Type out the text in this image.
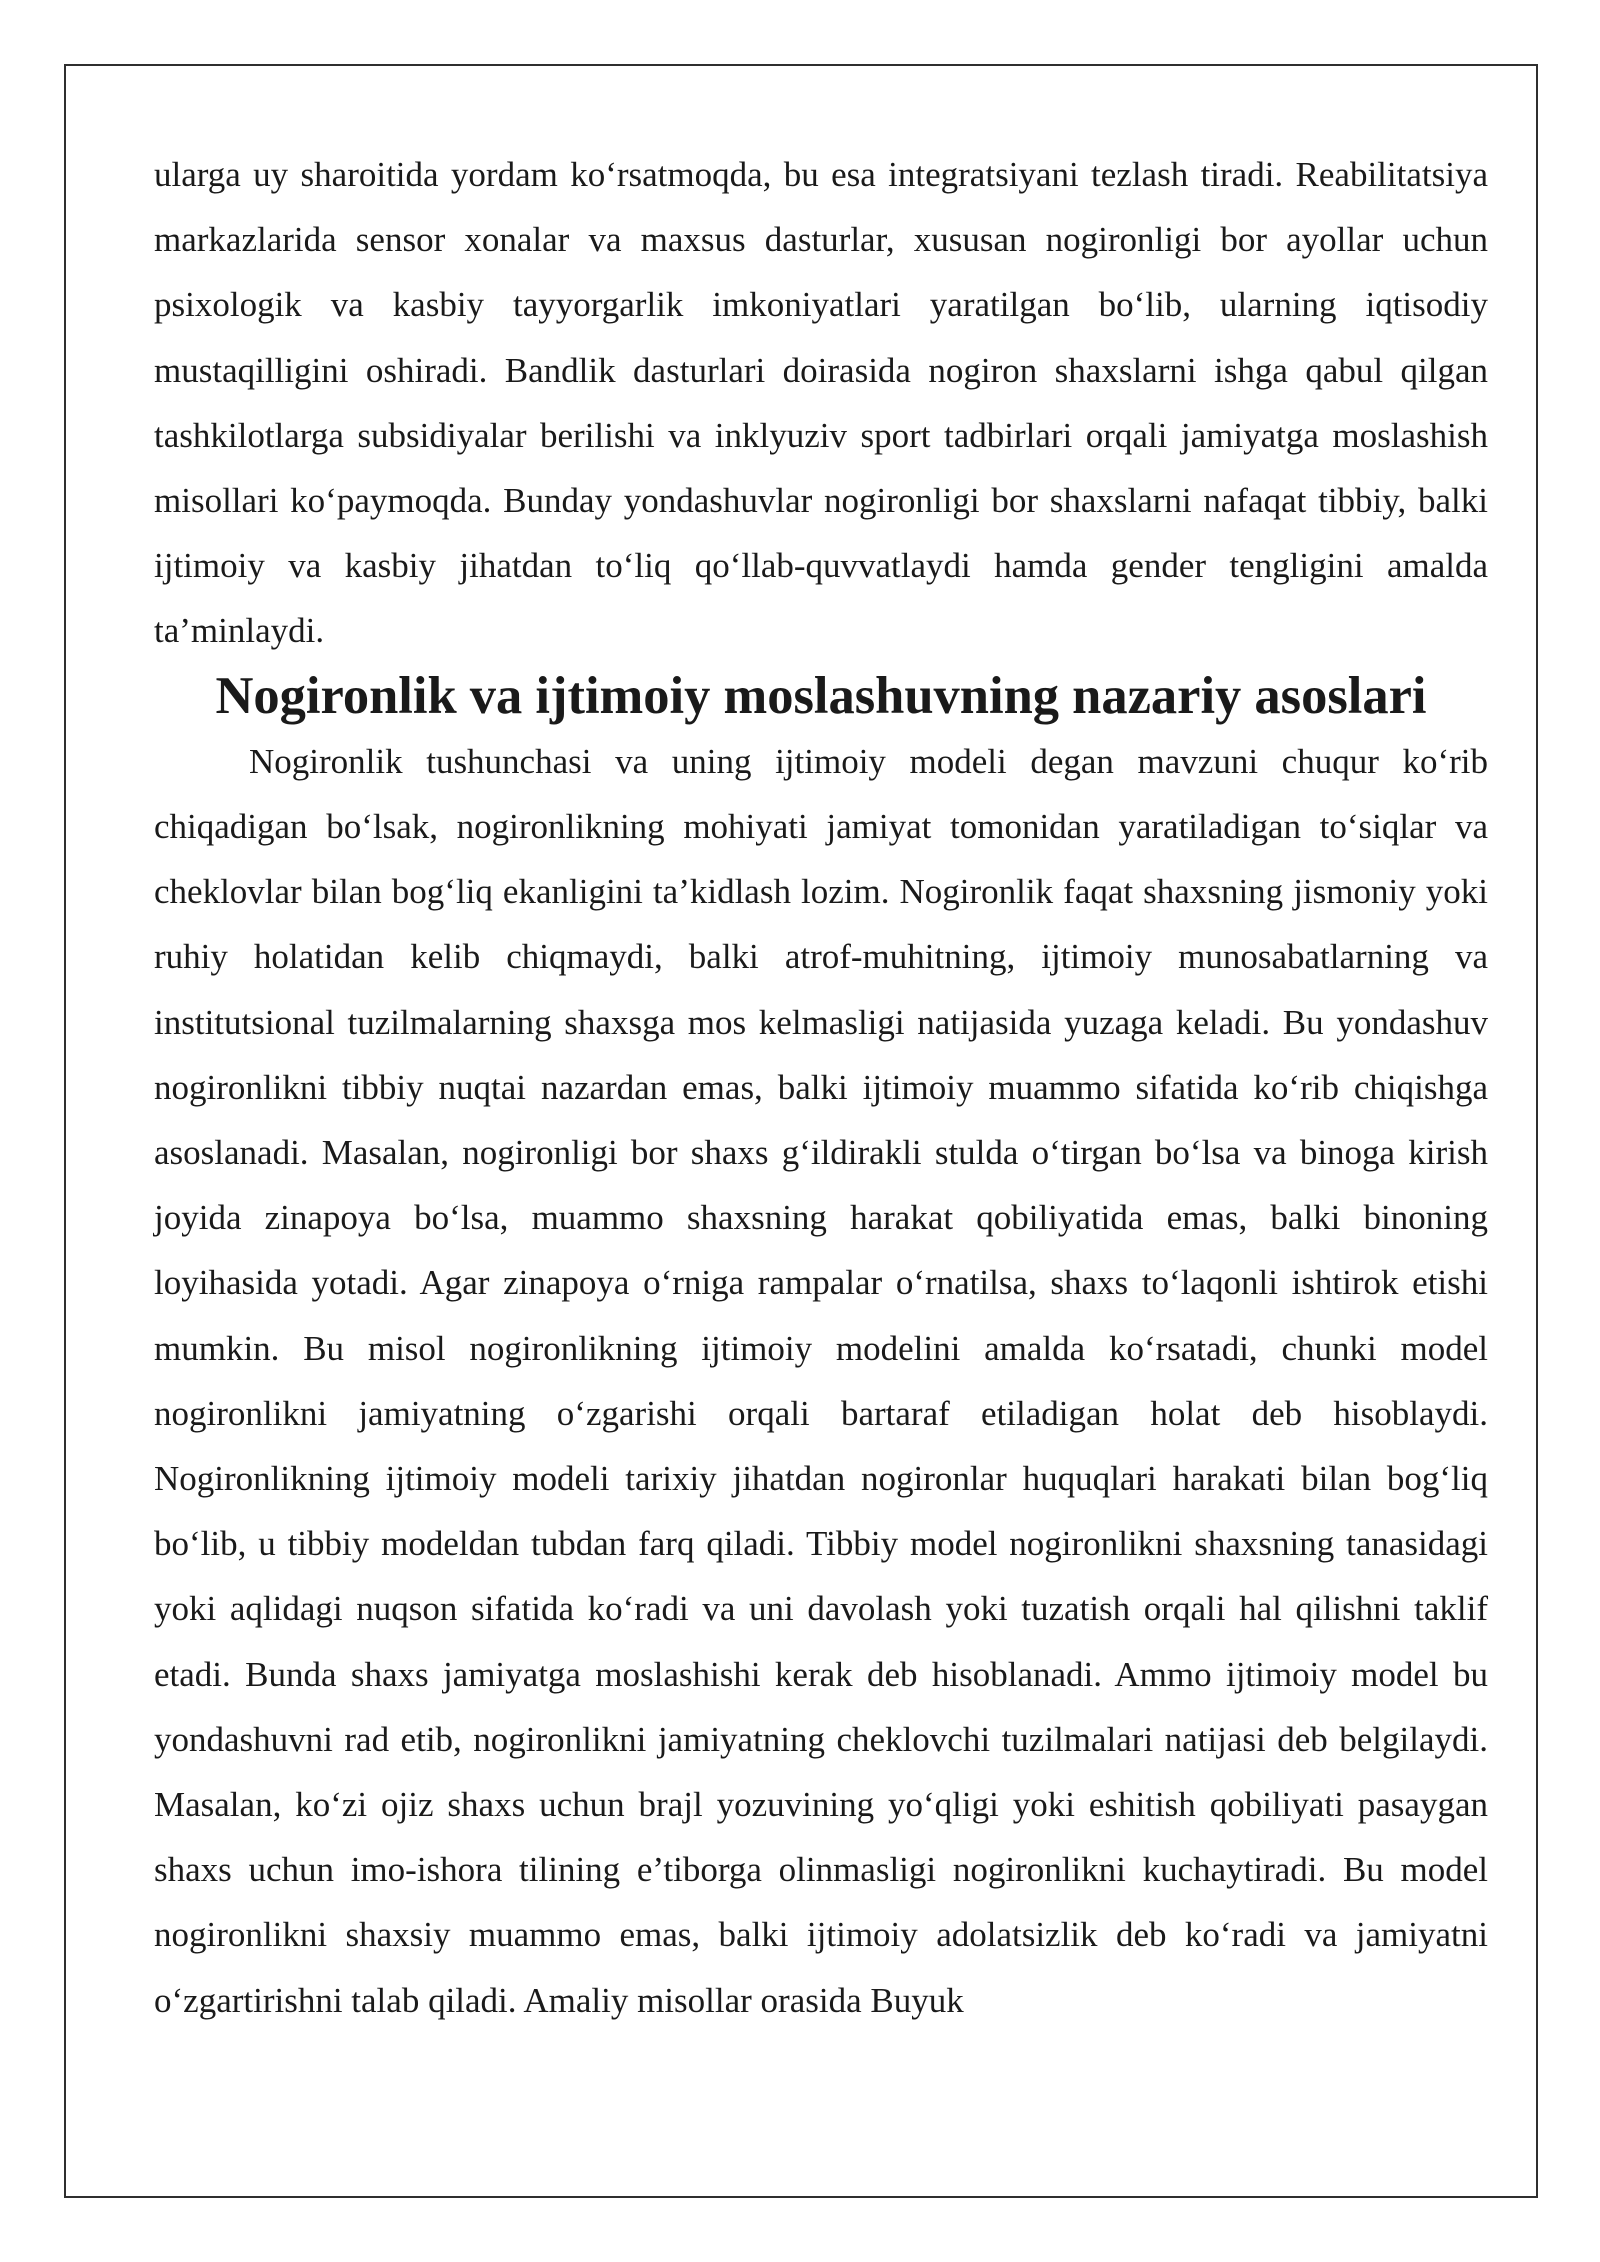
ularga uy sharoitida yordam koʻrsatmoqda, bu esa integratsiyani tezlash tiradi. Reabilitatsiya markazlarida sensor xonalar va maxsus dasturlar, xususan nogironligi bor ayollar uchun psixologik va kasbiy tayyorgarlik imkoniyatlari yaratilgan boʻlib, ularning iqtisodiy mustaqilligini oshiradi. Bandlik dasturlari doirasida nogiron shaxslarni ishga qabul qilgan tashkilotlarga subsidiyalar berilishi va inklyuziv sport tadbirlari orqali jamiyatga moslashish misollari koʻpaymoqda. Bunday yondashuvlar nogironligi bor shaxslarni nafaqat tibbiy, balki ijtimoiy va kasbiy jihatdan toʻliq qoʻllab-quvvatlaydi hamda gender tengligini amalda ta’minlaydi.

Nogironlik va ijtimoiy moslashuvning nazariy asoslari

Nogironlik tushunchasi va uning ijtimoiy modeli degan mavzuni chuqur koʻrib chiqadigan boʻlsak, nogironlikning mohiyati jamiyat tomonidan yaratiladigan toʻsiqlar va cheklovlar bilan bogʻliq ekanligini ta’kidlash lozim. Nogironlik faqat shaxsning jismoniy yoki ruhiy holatidan kelib chiqmaydi, balki atrof-muhitning, ijtimoiy munosabatlarning va institutsional tuzilmalarning shaxsga mos kelmasligi natijasida yuzaga keladi. Bu yondashuv nogironlikni tibbiy nuqtai nazardan emas, balki ijtimoiy muammo sifatida koʻrib chiqishga asoslanadi. Masalan, nogironligi bor shaxs gʻildirakli stulda oʻtirgan boʻlsa va binoga kirish joyida zinapoya boʻlsa, muammo shaxsning harakat qobiliyatida emas, balki binoning loyihasida yotadi. Agar zinapoya oʻrniga rampalar oʻrnatilsa, shaxs toʻlaqonli ishtirok etishi mumkin. Bu misol nogironlikning ijtimoiy modelini amalda koʻrsatadi, chunki model nogironlikni jamiyatning oʻzgarishi orqali bartaraf etiladigan holat deb hisoblaydi. Nogironlikning ijtimoiy modeli tarixiy jihatdan nogironlar huquqlari harakati bilan bogʻliq boʻlib, u tibbiy modeldan tubdan farq qiladi. Tibbiy model nogironlikni shaxsning tanasidagi yoki aqlidagi nuqson sifatida koʻradi va uni davolash yoki tuzatish orqali hal qilishni taklif etadi. Bunda shaxs jamiyatga moslashishi kerak deb hisoblanadi. Ammo ijtimoiy model bu yondashuvni rad etib, nogironlikni jamiyatning cheklovchi tuzilmalari natijasi deb belgilaydi. Masalan, koʻzi ojiz shaxs uchun brajl yozuvining yoʻqligi yoki eshitish qobiliyati pasaygan shaxs uchun imo-ishora tilining e’tiborga olinmasligi nogironlikni kuchaytiradi. Bu model nogironlikni shaxsiy muammo emas, balki ijtimoiy adolatsizlik deb koʻradi va jamiyatni oʻzgartirishni talab qiladi. Amaliy misollar orasida Buyuk
